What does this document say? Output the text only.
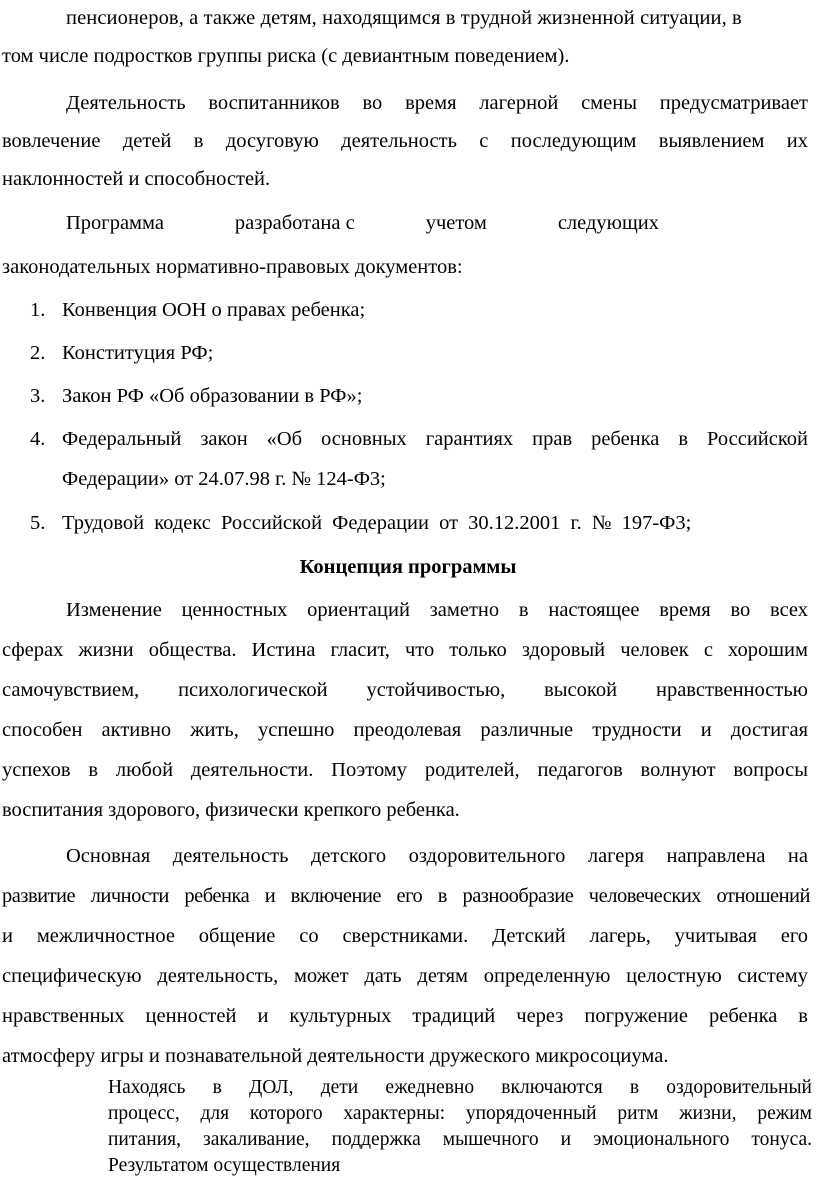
пенсионеров, а также детям, находящимся в трудной жизненной ситуации, в
том числе подростков группы риска (с девиантным поведением).
Деятельность воспитанников во время лагерной смены предусматривает
вовлечение детей в досуговую деятельность с последующим выявлением их
наклонностей и способностей.
Программа	разработана с	учетом	следующих
законодательных нормативно-правовых документов:
1. Конвенция ООН о правах ребенка;
2. Конституция РФ;
3. Закон РФ «Об образовании в РФ»;
4. Федеральный закон «Об основных гарантиях прав ребенка в Российской
Федерации» от 24.07.98 г. № 124-Ф3;
5. Трудовой кодекс Российской Федерации от 30.12.2001 г. № 197-Ф3;
Концепция программы
Изменение ценностных ориентаций заметно в настоящее время во всех
сферах жизни общества. Истина гласит, что только здоровый человек с хорошим
самочувствием, психологической устойчивостью, высокой нравственностью
способен активно жить, успешно преодолевая различные трудности и достигая
успехов в любой деятельности. Поэтому родителей, педагогов волнуют вопросы
воспитания здорового, физически крепкого ребенка.
Основная деятельность детского оздоровительного лагеря направлена на
развитие личности ребенка и включение его в разнообразие человеческих отношений
и межличностное общение со сверстниками. Детский лагерь, учитывая его
специфическую деятельность, может дать детям определенную целостную систему
нравственных ценностей и культурных традиций через погружение ребенка в
атмосферу игры и познавательной деятельности дружеского микросоциума.
Находясь в ДОЛ, дети ежедневно включаются в оздоровительный
процесс, для которого характерны: упорядоченный ритм жизни, режим
питания, закаливание, поддержка мышечного и эмоционального тонуса.
Результатом осуществления
